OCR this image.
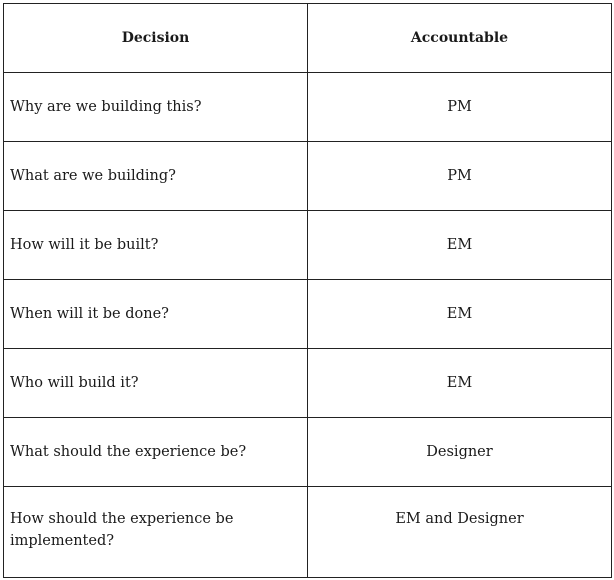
Decision	Accountable
Why are we building this?	PM
What are we building?	PM
How will it be built?	EM
When will it be done?	EM
Who will build it?	EM
What should the experience be?	Designer
How should the experience be implemented?	EM and Designer
